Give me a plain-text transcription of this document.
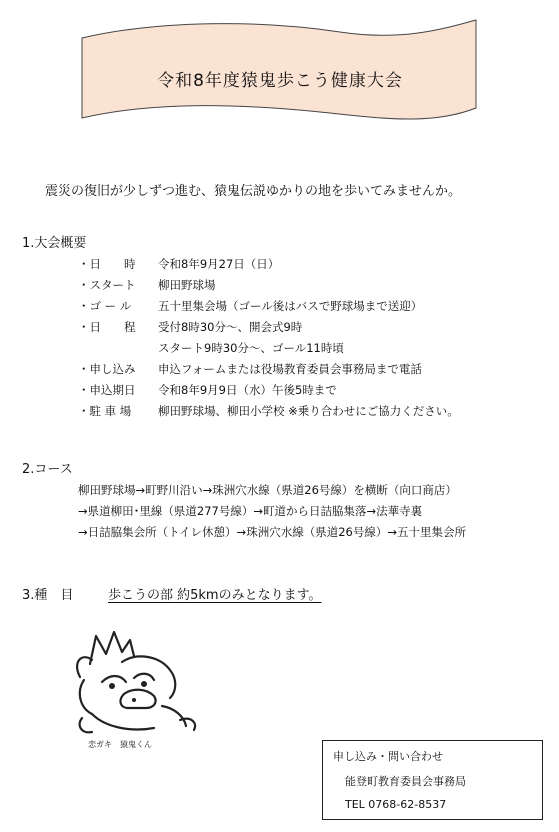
令和8年度猿鬼歩こう健康大会
震災の復旧が少しずつ進む、猿鬼伝説ゆかりの地を歩いてみませんか。
1.大会概要
・日　　時 令和8年9月27日（日）
・スタート 柳田野球場
・ゴ ー ル 五十里集会場（ゴール後はバスで野球場まで送迎）
・日　　程 受付8時30分〜、開会式9時
スタート9時30分〜、ゴール11時頃
・申し込み 申込フォームまたは役場教育委員会事務局まで電話
・申込期日 令和8年9月9日（水）午後5時まで
・駐 車 場 柳田野球場、柳田小学校 ※乗り合わせにご協力ください。
2.コース
柳田野球場→町野川沿い→珠洲穴水線（県道26号線）を横断（向口商店）
→県道柳田･里線（県道277号線）→町道から日詰脇集落→法華寺裏
→日詰脇集会所（トイレ休憩）→珠洲穴水線（県道26号線）→五十里集会所
3.種　目	歩こうの部 約5kmのみとなります。
恋ガキ　猿鬼くん
申し込み・問い合わせ
能登町教育委員会事務局
TEL 0768-62-8537
